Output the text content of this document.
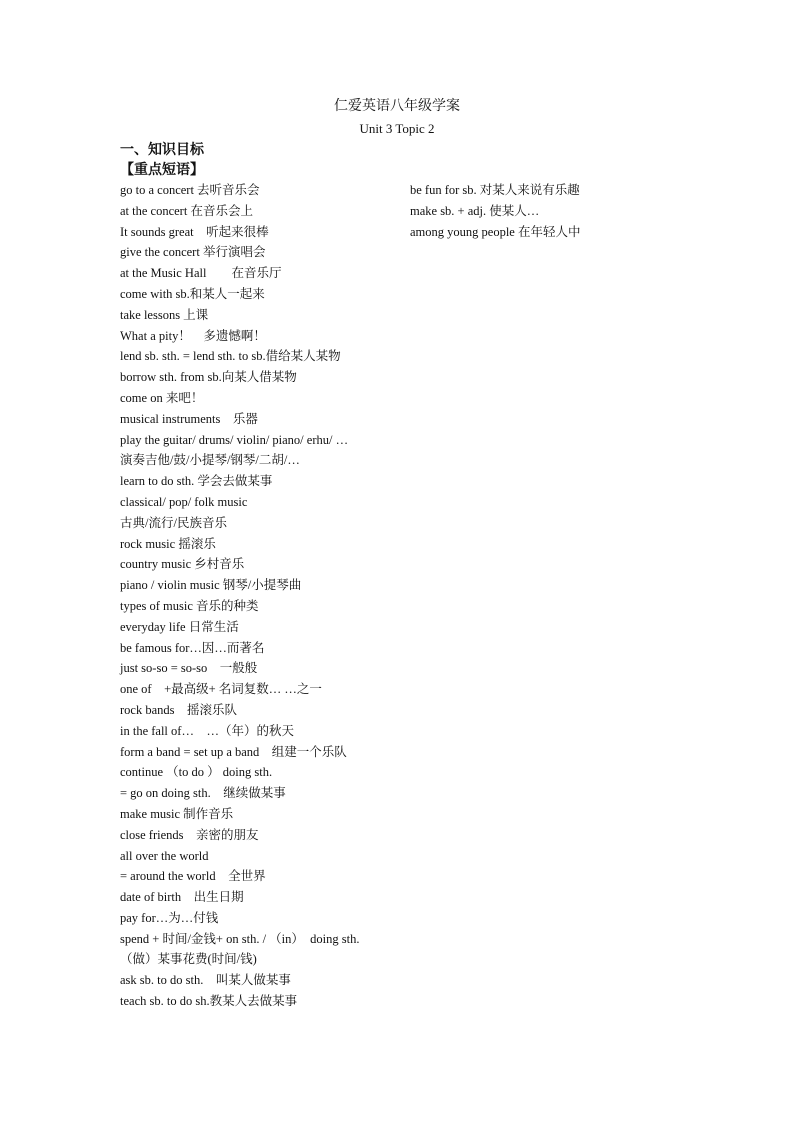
仁爱英语八年级学案
Unit 3 Topic 2
一、知识目标
【重点短语】
go to a concert 去听音乐会
at the concert 在音乐会上
It sounds great　听起来很棒
give the concert 举行演唱会
at the Music Hall　　在音乐厅
come with sb.和某人一起来
take lessons 上课
What a pity！　多遗憾啊！
lend sb. sth. = lend sth. to sb.借给某人某物
borrow sth. from sb.向某人借某物
come on 来吧！
musical instruments　乐器
play the guitar/ drums/ violin/ piano/ erhu/ …
演奏吉他/鼓/小提琴/钢琴/二胡/…
learn to do sth. 学会去做某事
classical/ pop/ folk music
古典/流行/民族音乐
rock music 摇滚乐
country music 乡村音乐
piano / violin music 钢琴/小提琴曲
types of music 音乐的种类
everyday life 日常生活
be famous for…因…而著名
just so-so = so-so　一般般
one of　+最高级+ 名词复数… …之一
rock bands　摇滚乐队
in the fall of…　…（年）的秋天
form a band = set up a band　组建一个乐队
continue （to do ） doing sth.
= go on doing sth.　继续做某事
make music 制作音乐
close friends　亲密的朋友
all over the world
= around the world　全世界
date of birth　出生日期
pay for…为…付钱
spend + 时间/金钱+ on sth. / （in）　doing sth.
（做）某事花费(时间/钱)
ask sb. to do sth.　叫某人做某事
teach sb. to do sh.教某人去做某事
be fun for sb. 对某人来说有乐趣
make sb. + adj. 使某人…
among young people 在年轻人中
